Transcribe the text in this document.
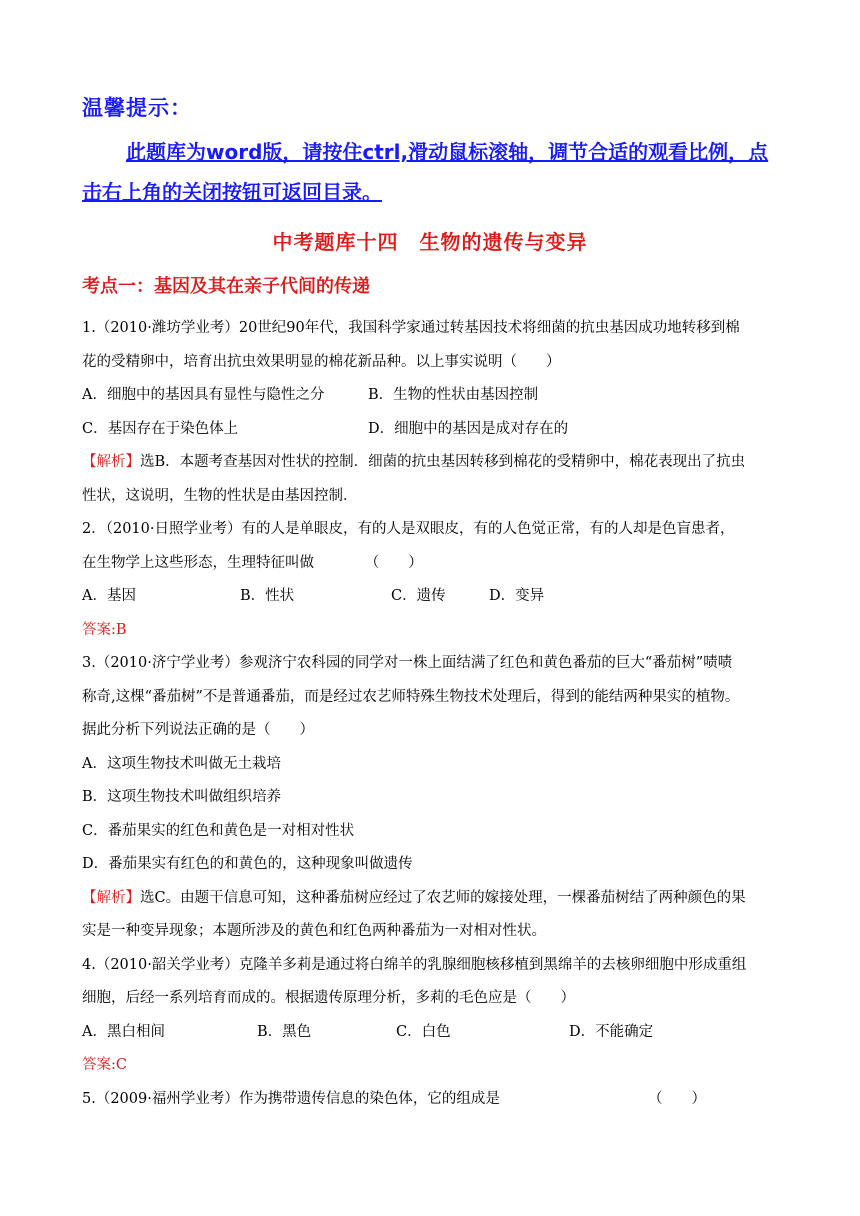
温馨提示：
此题库为word版，请按住ctrl,滑动鼠标滚轴，调节合适的观看比例，点击右上角的关闭按钮可返回目录。
中考题库十四　生物的遗传与变异
考点一：基因及其在亲子代间的传递
1.（2010·潍坊学业考）20世纪90年代，我国科学家通过转基因技术将细菌的抗虫基因成功地转移到棉
花的受精卵中，培育出抗虫效果明显的棉花新品种。以上事实说明（　　）
A．细胞中的基因具有显性与隐性之分	B．生物的性状由基因控制
C．基因存在于染色体上	D．细胞中的基因是成对存在的
【解析】选B．本题考查基因对性状的控制．细菌的抗虫基因转移到棉花的受精卵中，棉花表现出了抗虫
性状，这说明，生物的性状是由基因控制．
2．（2010·日照学业考）有的人是单眼皮，有的人是双眼皮，有的人色觉正常，有的人却是色盲患者，
在生物学上这些形态，生理特征叫做　　　　（　　）
A．基因	B．性状	C．遗传	D．变异
答案:B
3.（2010·济宁学业考）参观济宁农科园的同学对一株上面结满了红色和黄色番茄的巨大“番茄树”啧啧
称奇,这棵“番茄树”不是普通番茄，而是经过农艺师特殊生物技术处理后，得到的能结两种果实的植物。
据此分析下列说法正确的是（　　）
A．这项生物技术叫做无土栽培
B．这项生物技术叫做组织培养
C．番茄果实的红色和黄色是一对相对性状
D．番茄果实有红色的和黄色的，这种现象叫做遗传
【解析】选C。由题干信息可知，这种番茄树应经过了农艺师的嫁接处理，一棵番茄树结了两种颜色的果
实是一种变异现象；本题所涉及的黄色和红色两种番茄为一对相对性状。
4.（2010·韶关学业考）克隆羊多莉是通过将白绵羊的乳腺细胞核移植到黑绵羊的去核卵细胞中形成重组
细胞，后经一系列培育而成的。根据遗传原理分析，多莉的毛色应是（　　）
A．黑白相间	B．黑色	C．白色	D．不能确定
答案:C
5.（2009·福州学业考）作为携带遗传信息的染色体，它的组成是	（　　）
